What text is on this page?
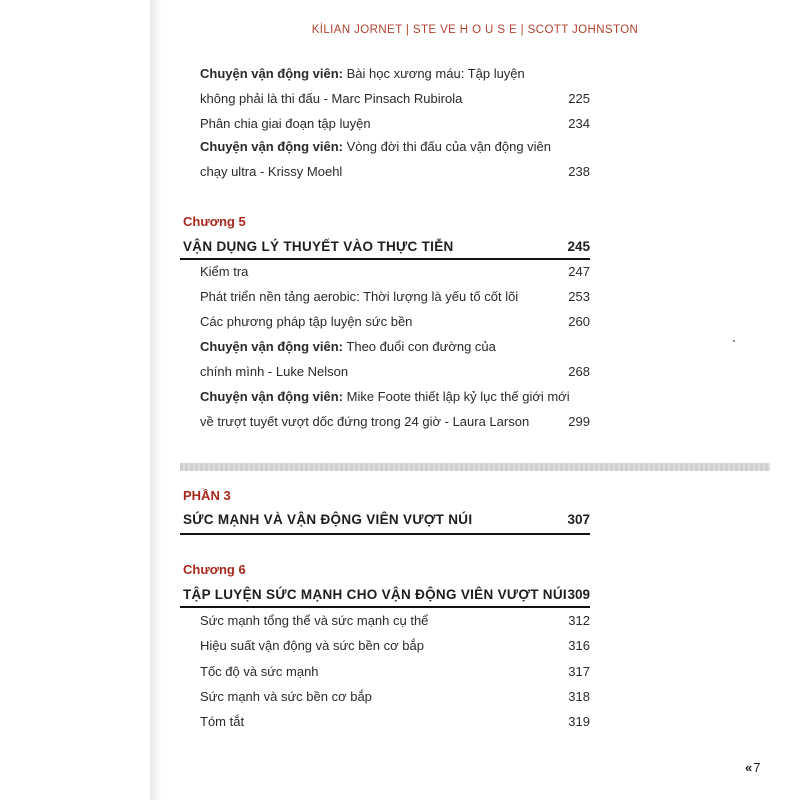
KİLIAN JORNET | STE VE H O U S E | SCOTT JOHNSTON
Chuyện vận động viên: Bài học xương máu: Tập luyện
không phải là thi đấu - Marc Pinsach Rubirola	225
Phân chia giai đoạn tập luyện	234
Chuyện vận động viên: Vòng đời thi đấu của vận động viên
chạy ultra - Krissy Moehl	238
Chương 5
VẬN DỤNG LÝ THUYẾT VÀO THỰC TIỄN	245
Kiểm tra	247
Phát triển nền tảng aerobic: Thời lượng là yếu tố cốt lõi	253
Các phương pháp tập luyện sức bền	260
Chuyện vận động viên: Theo đuổi con đường của
chính mình - Luke Nelson	268
Chuyện vận động viên: Mike Foote thiết lập kỷ lục thế giới mới
về trượt tuyết vượt dốc đứng trong 24 giờ - Laura Larson	299
PHẦN 3
SỨC MẠNH VÀ VẬN ĐỘNG VIÊN VƯỢT NÚI	307
Chương 6
TẬP LUYỆN SỨC MẠNH CHO VẬN ĐỘNG VIÊN VƯỢT NÚI 309
Sức mạnh tổng thể và sức mạnh cụ thể	312
Hiệu suất vận động và sức bền cơ bắp	316
Tốc độ và sức mạnh	317
Sức mạnh và sức bền cơ bắp	318
Tóm tắt	319
«7
